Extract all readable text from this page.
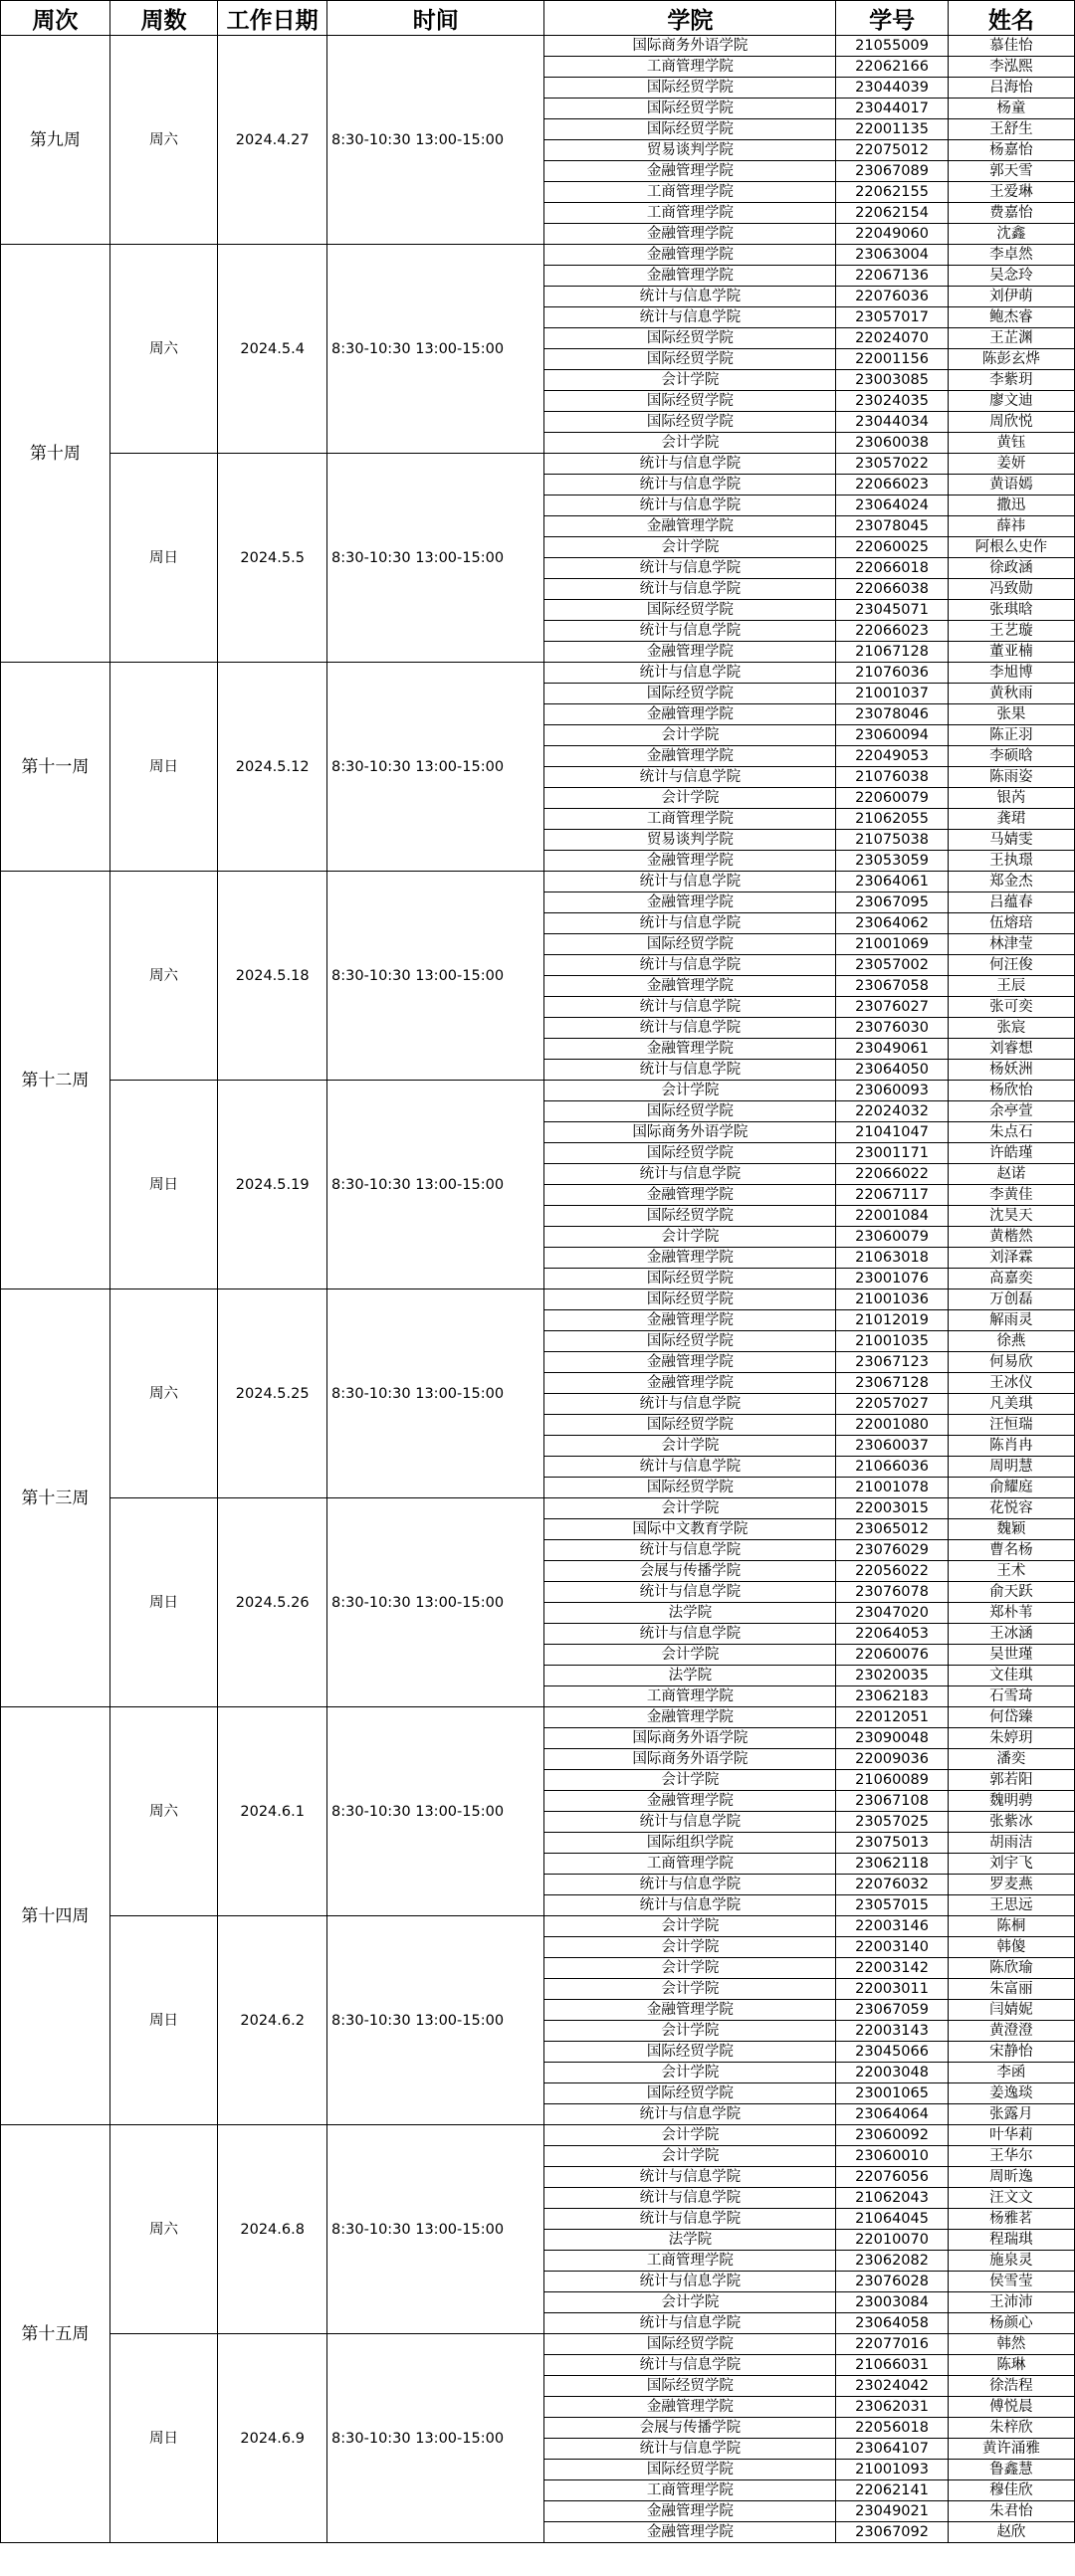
周次	周数	工作日期	时间	学院	学号	姓名
第九周	周六	2024.4.27	8:30-10:30 13:00-15:00	国际商务外语学院	21055009	慕佳怡
				工商管理学院	22062166	李泓熙
				国际经贸学院	23044039	吕海怡
				国际经贸学院	23044017	杨童
				国际经贸学院	22001135	王舒生
				贸易谈判学院	22075012	杨嘉怡
				金融管理学院	23067089	郭天雪
				工商管理学院	22062155	王爱琳
				工商管理学院	22062154	费嘉怡
				金融管理学院	22049060	沈鑫
第十周	周六	2024.5.4	8:30-10:30 13:00-15:00	金融管理学院	23063004	李卓然
				金融管理学院	22067136	吴念玲
				统计与信息学院	22076036	刘伊萌
				统计与信息学院	23057017	鲍杰睿
				国际经贸学院	22024070	王芷渊
				国际经贸学院	22001156	陈彭玄烨
				会计学院	23003085	李紫玥
				国际经贸学院	23024035	廖文迪
				国际经贸学院	23044034	周欣悦
				会计学院	23060038	黄钰
	周日	2024.5.5	8:30-10:30 13:00-15:00	统计与信息学院	23057022	姜妍
				统计与信息学院	22066023	黄语嫣
				统计与信息学院	23064024	撒迅
				金融管理学院	23078045	薛祎
				会计学院	22060025	阿根么史作
				统计与信息学院	22066018	徐政涵
				统计与信息学院	22066038	冯致勋
				国际经贸学院	23045071	张琪晗
				统计与信息学院	22066023	王艺璇
				金融管理学院	21067128	董亚楠
第十一周	周日	2024.5.12	8:30-10:30 13:00-15:00	统计与信息学院	21076036	李旭博
				国际经贸学院	21001037	黄秋雨
				金融管理学院	23078046	张果
				会计学院	23060094	陈正羽
				金融管理学院	22049053	李硕晗
				统计与信息学院	21076038	陈雨姿
				会计学院	22060079	银芮
				工商管理学院	21062055	龚珺
				贸易谈判学院	21075038	马婧雯
				金融管理学院	23053059	王执璟
第十二周	周六	2024.5.18	8:30-10:30 13:00-15:00	统计与信息学院	23064061	郑金杰
				金融管理学院	23067095	吕蕴春
				统计与信息学院	23064062	伍熔琣
				国际经贸学院	21001069	林津莹
				统计与信息学院	23057002	何汪俊
				金融管理学院	23067058	王辰
				统计与信息学院	23076027	张可奕
				统计与信息学院	23076030	张宸
				金融管理学院	23049061	刘睿想
				统计与信息学院	23064050	杨妖洲
	周日	2024.5.19	8:30-10:30 13:00-15:00	会计学院	23060093	杨欣怡
				国际经贸学院	22024032	余亭萱
				国际商务外语学院	21041047	朱点石
				国际经贸学院	23001171	许皓瑾
				统计与信息学院	22066022	赵诺
				金融管理学院	22067117	李黄佳
				国际经贸学院	22001084	沈昊天
				会计学院	23060079	黄楷然
				金融管理学院	21063018	刘泽霖
				国际经贸学院	23001076	高嘉奕
第十三周	周六	2024.5.25	8:30-10:30 13:00-15:00	国际经贸学院	21001036	万创磊
				金融管理学院	21012019	解雨灵
				国际经贸学院	21001035	徐燕
				金融管理学院	23067123	何易欣
				金融管理学院	23067128	王冰仪
				统计与信息学院	22057027	凡美琪
				国际经贸学院	22001080	汪恒瑞
				会计学院	23060037	陈肖冉
				统计与信息学院	21066036	周明慧
				国际经贸学院	21001078	俞耀庭
	周日	2024.5.26	8:30-10:30 13:00-15:00	会计学院	22003015	花悦容
				国际中文教育学院	23065012	魏颖
				统计与信息学院	23076029	曹名杨
				会展与传播学院	22056022	王术
				统计与信息学院	23076078	俞天跃
				法学院	23047020	郑朴苇
				统计与信息学院	22064053	王冰涵
				会计学院	22060076	吴世瑾
				法学院	23020035	文佳琪
				工商管理学院	23062183	石雪琦
第十四周	周六	2024.6.1	8:30-10:30 13:00-15:00	金融管理学院	22012051	何岱臻
				国际商务外语学院	23090048	朱婷玥
				国际商务外语学院	22009036	潘奕
				会计学院	21060089	郭若阳
				金融管理学院	23067108	魏明骋
				统计与信息学院	23057025	张紫冰
				国际组织学院	23075013	胡雨洁
				工商管理学院	23062118	刘宇飞
				统计与信息学院	22076032	罗麦燕
				统计与信息学院	23057015	王思远
	周日	2024.6.2	8:30-10:30 13:00-15:00	会计学院	22003146	陈桐
				会计学院	22003140	韩傻
				会计学院	22003142	陈欣瑜
				会计学院	22003011	朱富丽
				金融管理学院	23067059	闫婧妮
				会计学院	22003143	黄澄澄
				国际经贸学院	23045066	宋静怡
				会计学院	22003048	李函
				国际经贸学院	23001065	姜逸琰
				统计与信息学院	23064064	张露月
第十五周	周六	2024.6.8	8:30-10:30 13:00-15:00	会计学院	23060092	叶华莉
				会计学院	23060010	王华尔
				统计与信息学院	22076056	周昕逸
				统计与信息学院	21062043	汪文文
				统计与信息学院	21064045	杨雅茗
				法学院	22010070	程瑞琪
				工商管理学院	23062082	施泉灵
				统计与信息学院	23076028	侯雪莹
				会计学院	23003084	王沛沛
				统计与信息学院	23064058	杨颜心
	周日	2024.6.9	8:30-10:30 13:00-15:00	国际经贸学院	22077016	韩然
				统计与信息学院	21066031	陈琳
				国际经贸学院	23024042	徐浩程
				金融管理学院	23062031	傅悦晨
				会展与传播学院	22056018	朱梓欣
				统计与信息学院	23064107	黄许涌雅
				国际经贸学院	21001093	鲁鑫慧
				工商管理学院	22062141	穆佳欣
				金融管理学院	23049021	朱君怡
				金融管理学院	23067092	赵欣
